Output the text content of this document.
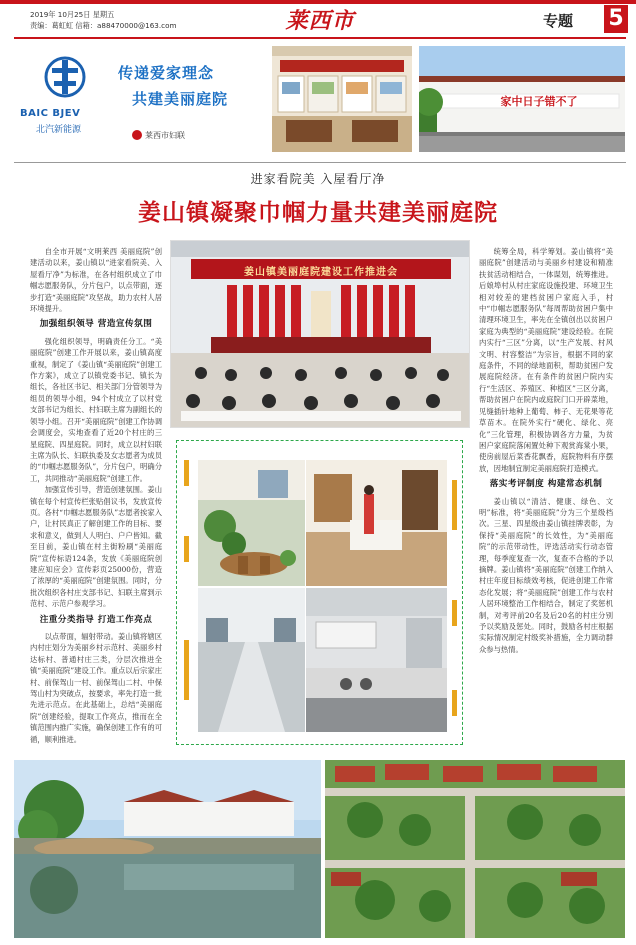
2019年 10月25日 星期五
责编：葛虹虹 信箱：a88470000@163.com	莱西市	专题 5
BAIC BJEV
北汽新能源
传递爱家理念
共建美丽庭院
莱西市妇联
家中日子错不了
进家看院美 入屋看厅净
姜山镇凝聚巾帼力量共建美丽庭院

自全市开展“文明莱西 美丽庭院”创建活动以来，姜山镇以“进家看院美、入屋看厅净”为标准，在各村组织成立了巾帼志愿服务队，分片包户，以点带面，逐步打造“美丽庭院”攻坚战，助力农村人居环境提升。

加强组织领导 营造宣传氛围

强化组织领导，明确责任分工。“美丽庭院”创建工作开展以来，姜山镇高度重视，制定了《姜山镇“美丽庭院”创建工作方案》，成立了以镇党委书记、镇长为组长，各社区书记、相关部门分管领导为组员的领导小组，94个村成立了以村党支部书记为组长、村妇联主席为副组长的领导小组。召开“美丽庭院”创建工作协调会调度会，实地查看了近20个村庄的三星庭院、四星庭院。同时，成立以村妇联主席为队长、妇联执委及女志愿者为成员的“巾帼志愿服务队”，分片包户，明确分工，共同推动“美丽庭院”创建工作。

加强宣传引导，营造创建氛围。姜山镇在每个村宣传栏张贴倡议书，发放宣传页。各村“巾帼志愿服务队”志愿者挨家入户，让村民真正了解创建工作的目标、要求和意义，做到人人明白、户户皆知。截至目前，姜山镇在村主街粉刷“美丽庭院”宣传标语124条，发放《美丽庭院创建应知应会》宣传彩页25000份，营造了浓厚的“美丽庭院”创建氛围。同时，分批次组织各村庄支部书记、妇联主席到示范村、示范户参观学习。

注重分类指导 打造工作亮点

以点带面，辐射带动。姜山镇将辖区内村庄划分为美丽乡村示范村、美丽乡村达标村、普通村庄三类，分层次推进全镇“美丽庭院”建设工作。重点以后宗家庄村、前保驾山一村、前保驾山二村、中保驾山村为突破点，按要求，率先打造一批先进示范点。在此基础上，总结“美丽庭院”创建经验，提取工作亮点，推而在全镇范围内推广实施，确保创建工作有的可循，顺利推进。

姜山镇美丽庭院建设工作推进会

统筹全局，科学筹划。姜山镇将“美丽庭院”创建活动与美丽乡村建设和精准扶贫活动相结合，一体谋划，统筹推进。后娘埠村从村庄家庭设施投建、环境卫生相对较差的建档贫困户家庭入手，村中“巾帼志愿服务队”每周帮助贫困户集中清理环境卫生，率先在全镇创出以贫困户家庭为典型的“美丽庭院”建设经验。在院内实行“三区”分离，以“生产发展、村风文明、村容整洁”为宗旨，根据不同的家庭条件，不同的绿地面积，帮助贫困户发展庭院经济。在有条件的贫困户院内实行“生活区、养殖区、种植区”三区分离，帮助贫困户在院内或庭院门口开辟菜地，见缝插针地种上葡萄、柿子、无花果等花草苗木。在院外实行“硬化、绿化、亮化”三化管理，积极协调各方力量，为贫困户家庭院落闲置处种下观赏海棠小果，使房前屋后菜香花飘香，庭院物料有序摆放，因地制宜制定美丽庭院打造模式。

落实考评制度 构建常态机制

姜山镇以“清洁、健康、绿色、文明”标准，将“美丽庭院”分为三个星级档次。三星、四星级由姜山镇挂牌表彰，为保持“美丽庭院”的长效性，为“美丽庭院”的示范带动性，评选活动实行动态管理，每季度复查一次，复查不合格的予以摘牌。姜山镇将“美丽庭院”创建工作纳入村庄年度目标绩效考核，促进创建工作常态化发展；将“美丽庭院”创建工作与农村人居环境整治工作相结合，制定了奖惩机制，对考评前20名及后20名的村庄分别予以奖励及惩处。同时，鼓励各村庄根据实际情况制定村级奖补措施，全力调动群众参与热情。
